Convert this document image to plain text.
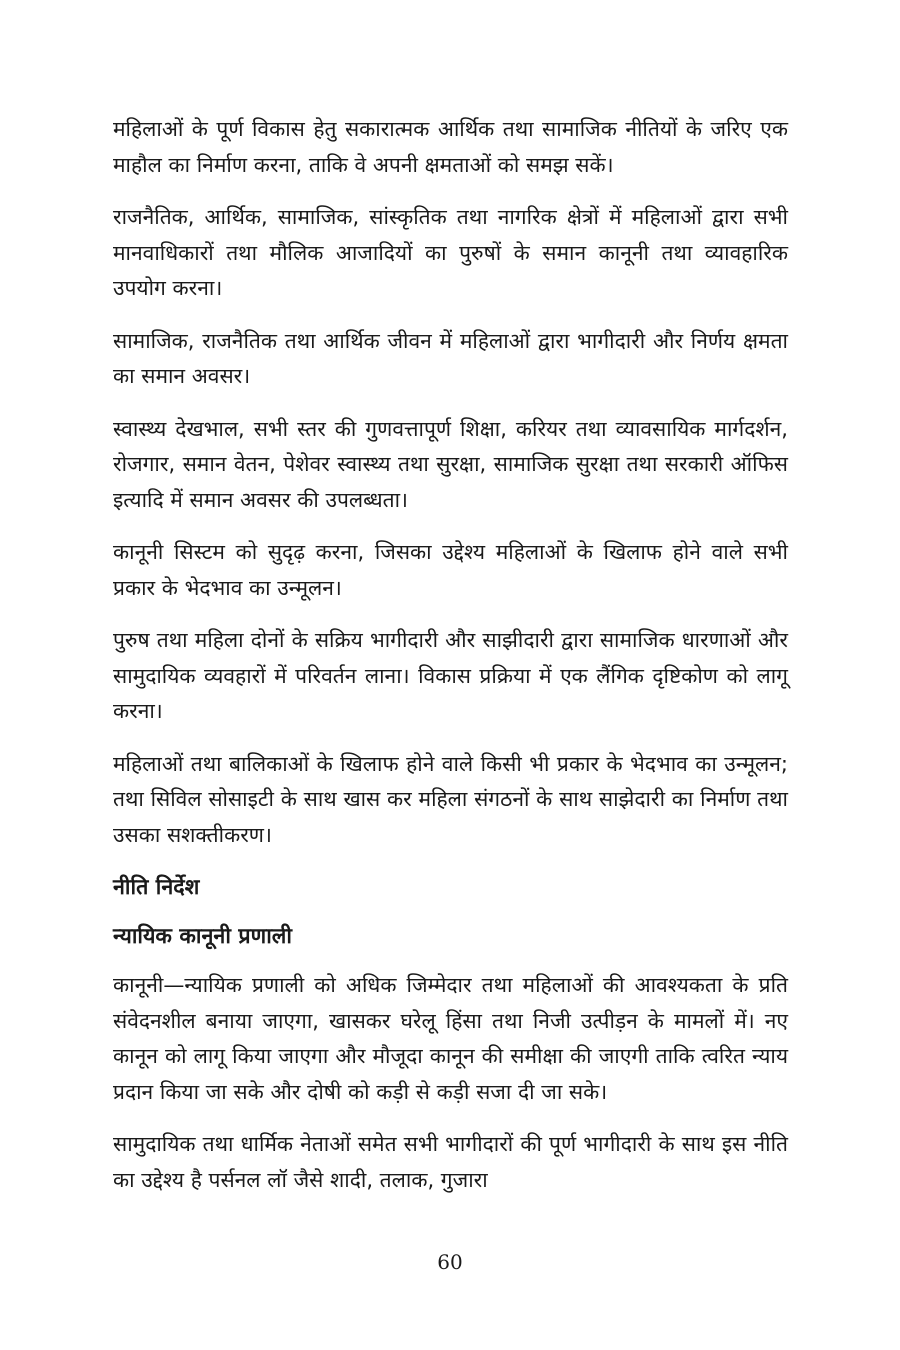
महिलाओं के पूर्ण विकास हेतु सकारात्मक आर्थिक तथा सामाजिक नीतियों के जरिए एक माहौल का निर्माण करना, ताकि वे अपनी क्षमताओं को समझ सकें।

राजनैतिक, आर्थिक, सामाजिक, सांस्कृतिक तथा नागरिक क्षेत्रों में महिलाओं द्वारा सभी मानवाधिकारों तथा मौलिक आजादियों का पुरुषों के समान कानूनी तथा व्यावहारिक उपयोग करना।

सामाजिक, राजनैतिक तथा आर्थिक जीवन में महिलाओं द्वारा भागीदारी और निर्णय क्षमता का समान अवसर।

स्वास्थ्य देखभाल, सभी स्तर की गुणवत्तापूर्ण शिक्षा, करियर तथा व्यावसायिक मार्गदर्शन, रोजगार, समान वेतन, पेशेवर स्वास्थ्य तथा सुरक्षा, सामाजिक सुरक्षा तथा सरकारी ऑफिस इत्यादि में समान अवसर की उपलब्धता।

कानूनी सिस्टम को सुदृढ़ करना, जिसका उद्देश्य महिलाओं के खिलाफ होने वाले सभी प्रकार के भेदभाव का उन्मूलन।

पुरुष तथा महिला दोनों के सक्रिय भागीदारी और साझीदारी द्वारा सामाजिक धारणाओं और सामुदायिक व्यवहारों में परिवर्तन लाना। विकास प्रक्रिया में एक लैंगिक दृष्टिकोण को लागू करना।

महिलाओं तथा बालिकाओं के खिलाफ होने वाले किसी भी प्रकार के भेदभाव का उन्मूलन; तथा सिविल सोसाइटी के साथ खास कर महिला संगठनों के साथ साझेदारी का निर्माण तथा उसका सशक्तीकरण।

नीति निर्देश
न्यायिक कानूनी प्रणाली

कानूनी—न्यायिक प्रणाली को अधिक जिम्मेदार तथा महिलाओं की आवश्यकता के प्रति संवेदनशील बनाया जाएगा, खासकर घरेलू हिंसा तथा निजी उत्पीड़न के मामलों में। नए कानून को लागू किया जाएगा और मौजूदा कानून की समीक्षा की जाएगी ताकि त्वरित न्याय प्रदान किया जा सके और दोषी को कड़ी से कड़ी सजा दी जा सके।

सामुदायिक तथा धार्मिक नेताओं समेत सभी भागीदारों की पूर्ण भागीदारी के साथ इस नीति का उद्देश्य है पर्सनल लॉ जैसे शादी, तलाक, गुजारा

60
